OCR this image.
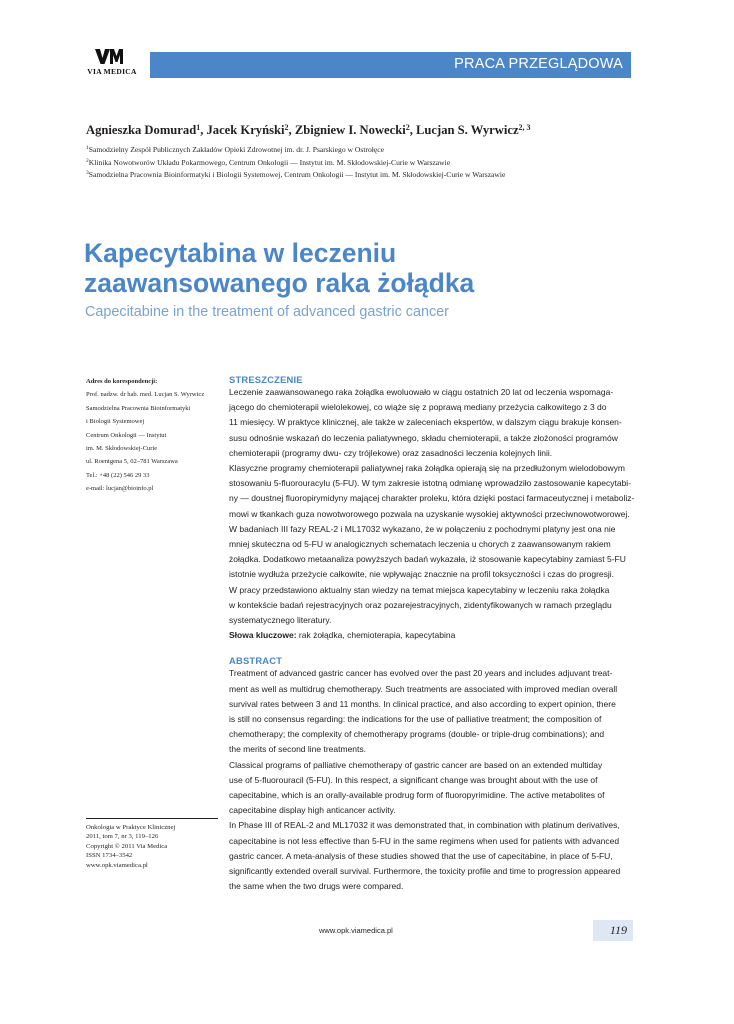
VIA MEDICA	PRACA PRZEGLĄDOWA
Agnieszka Domurad$^1$, Jacek Kryński$^2$, Zbigniew I. Nowecki$^2$, Lucjan S. Wyrwicz$^{2, 3}$
$^1$Samodzielny Zespół Publicznych Zakładów Opieki Zdrowotnej im. dr. J. Psarskiego w Ostrołęce
$^2$Klinika Nowotworów Układu Pokarmowego, Centrum Onkologii — Instytut im. M. Skłodowskiej-Curie w Warszawie
$^3$Samodzielna Pracownia Bioinformatyki i Biologii Systemowej, Centrum Onkologii — Instytut im. M. Skłodowskiej-Curie w Warszawie
Kapecytabina w leczeniu
zaawansowanego raka żołądka
Capecitabine in the treatment of advanced gastric cancer
Adres do korespondencji:
Prof. nadzw. dr hab. med. Lucjan S. Wyrwicz
Samodzielna Pracownia Bioinformatyki
i Biologii Systemowej
Centrum Onkologii — Instytut
im. M. Skłodowskiej-Curie
ul. Roentgena 5, 02–781 Warszawa
Tel.: +48 (22) 546 29 33
e-mail: lucjan@bioinfo.pl
Onkologia w Praktyce Klinicznej
2011, tom 7, nr 3, 119–126
Copyright © 2011 Via Medica
ISSN 1734–3542
www.opk.viamedica.pl
STRESZCZENIE
Leczenie zaawansowanego raka żołądka ewoluowało w ciągu ostatnich 20 lat od leczenia wspomaga-
jącego do chemioterapii wielolekowej, co wiąże się z poprawą mediany przeżycia całkowitego z 3 do
11 miesięcy. W praktyce klinicznej, ale także w zaleceniach ekspertów, w dalszym ciągu brakuje konsen-
susu odnośnie wskazań do leczenia paliatywnego, składu chemioterapii, a także złożoności programów
chemioterapii (programy dwu- czy trójlekowe) oraz zasadności leczenia kolejnych linii.
Klasyczne programy chemioterapii paliatywnej raka żołądka opierają się na przedłużonym wielodobowym
stosowaniu 5-fluorouracylu (5-FU). W tym zakresie istotną odmianę wprowadziło zastosowanie kapecytabi-
ny — doustnej fluoropirymidyny mającej charakter proleku, która dzięki postaci farmaceutycznej i metaboliz-
mowi w tkankach guza nowotworowego pozwala na uzyskanie wysokiej aktywności przeciwnowotworowej.
W badaniach III fazy REAL-2 i ML17032 wykazano, że w połączeniu z pochodnymi platyny jest ona nie
mniej skuteczna od 5-FU w analogicznych schematach leczenia u chorych z zaawansowanym rakiem
żołądka. Dodatkowo metaanaliza powyższych badań wykazała, iż stosowanie kapecytabiny zamiast 5-FU
istotnie wydłuża przeżycie całkowite, nie wpływając znacznie na profil toksyczności i czas do progresji.
W pracy przedstawiono aktualny stan wiedzy na temat miejsca kapecytabiny w leczeniu raka żołądka
w kontekście badań rejestracyjnych oraz pozarejestracyjnych, zidentyfikowanych w ramach przeglądu
systematycznego literatury.
Słowa kluczowe: rak żołądka, chemioterapia, kapecytabina
ABSTRACT
Treatment of advanced gastric cancer has evolved over the past 20 years and includes adjuvant treat-
ment as well as multidrug chemotherapy. Such treatments are associated with improved median overall
survival rates between 3 and 11 months. In clinical practice, and also according to expert opinion, there
is still no consensus regarding: the indications for the use of palliative treatment; the composition of
chemotherapy; the complexity of chemotherapy programs (double- or triple-drug combinations); and
the merits of second line treatments.
Classical programs of palliative chemotherapy of gastric cancer are based on an extended multiday
use of 5-fluorouracil (5-FU). In this respect, a significant change was brought about with the use of
capecitabine, which is an orally-available prodrug form of fluoropyrimidine. The active metabolites of
capecitabine display high anticancer activity.
In Phase III of REAL-2 and ML17032 it was demonstrated that, in combination with platinum derivatives,
capecitabine is not less effective than 5-FU in the same regimens when used for patients with advanced
gastric cancer. A meta-analysis of these studies showed that the use of capecitabine, in place of 5-FU,
significantly extended overall survival. Furthermore, the toxicity profile and time to progression appeared
the same when the two drugs were compared.
www.opk.viamedica.pl	119
